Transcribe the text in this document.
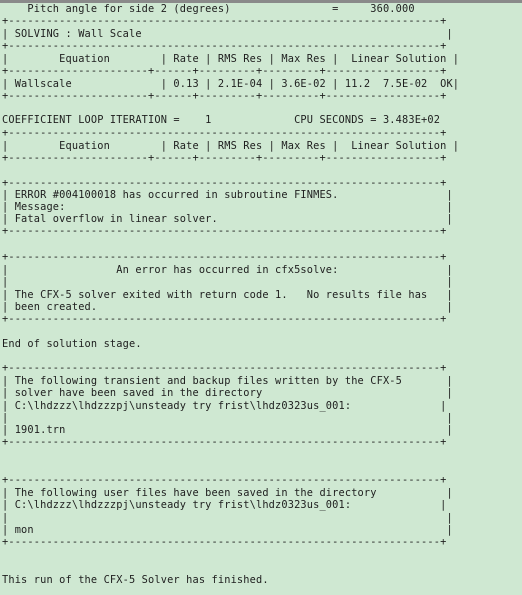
Pitch angle for side 2 (degrees)                =     360.000
+--------------------------------------------------------------------+
| SOLVING : Wall Scale                                                |
+--------------------------------------------------------------------+
|        Equation        | Rate | RMS Res | Max Res |  Linear Solution |
+----------------------+------+---------+---------+------------------+
| Wallscale              | 0.13 | 2.1E-04 | 3.6E-02 | 11.2  7.5E-02  OK|
+----------------------+------+---------+---------+------------------+
COEFFICIENT LOOP ITERATION =    1             CPU SECONDS = 3.483E+02
+--------------------------------------------------------------------+
|        Equation        | Rate | RMS Res | Max Res |  Linear Solution |
+----------------------+------+---------+---------+------------------+
+--------------------------------------------------------------------+
| ERROR #004100018 has occurred in subroutine FINMES.                 |
| Message:                                                            |
| Fatal overflow in linear solver.                                    |
+--------------------------------------------------------------------+
+--------------------------------------------------------------------+
|                 An error has occurred in cfx5solve:                 |
|                                                                     |
| The CFX-5 solver exited with return code 1.   No results file has   |
| been created.                                                       |
+--------------------------------------------------------------------+
End of solution stage.
+--------------------------------------------------------------------+
| The following transient and backup files written by the CFX-5       |
| solver have been saved in the directory                             |
| C:\lhdzzz\lhdzzzpj\unsteady try frist\lhdz0323us_001:              |
|                                                                     |
| 1901.trn                                                            |
+--------------------------------------------------------------------+
+--------------------------------------------------------------------+
| The following user files have been saved in the directory           |
| C:\lhdzzz\lhdzzzpj\unsteady try frist\lhdz0323us_001:              |
|                                                                     |
| mon                                                                 |
+--------------------------------------------------------------------+
This run of the CFX-5 Solver has finished.
